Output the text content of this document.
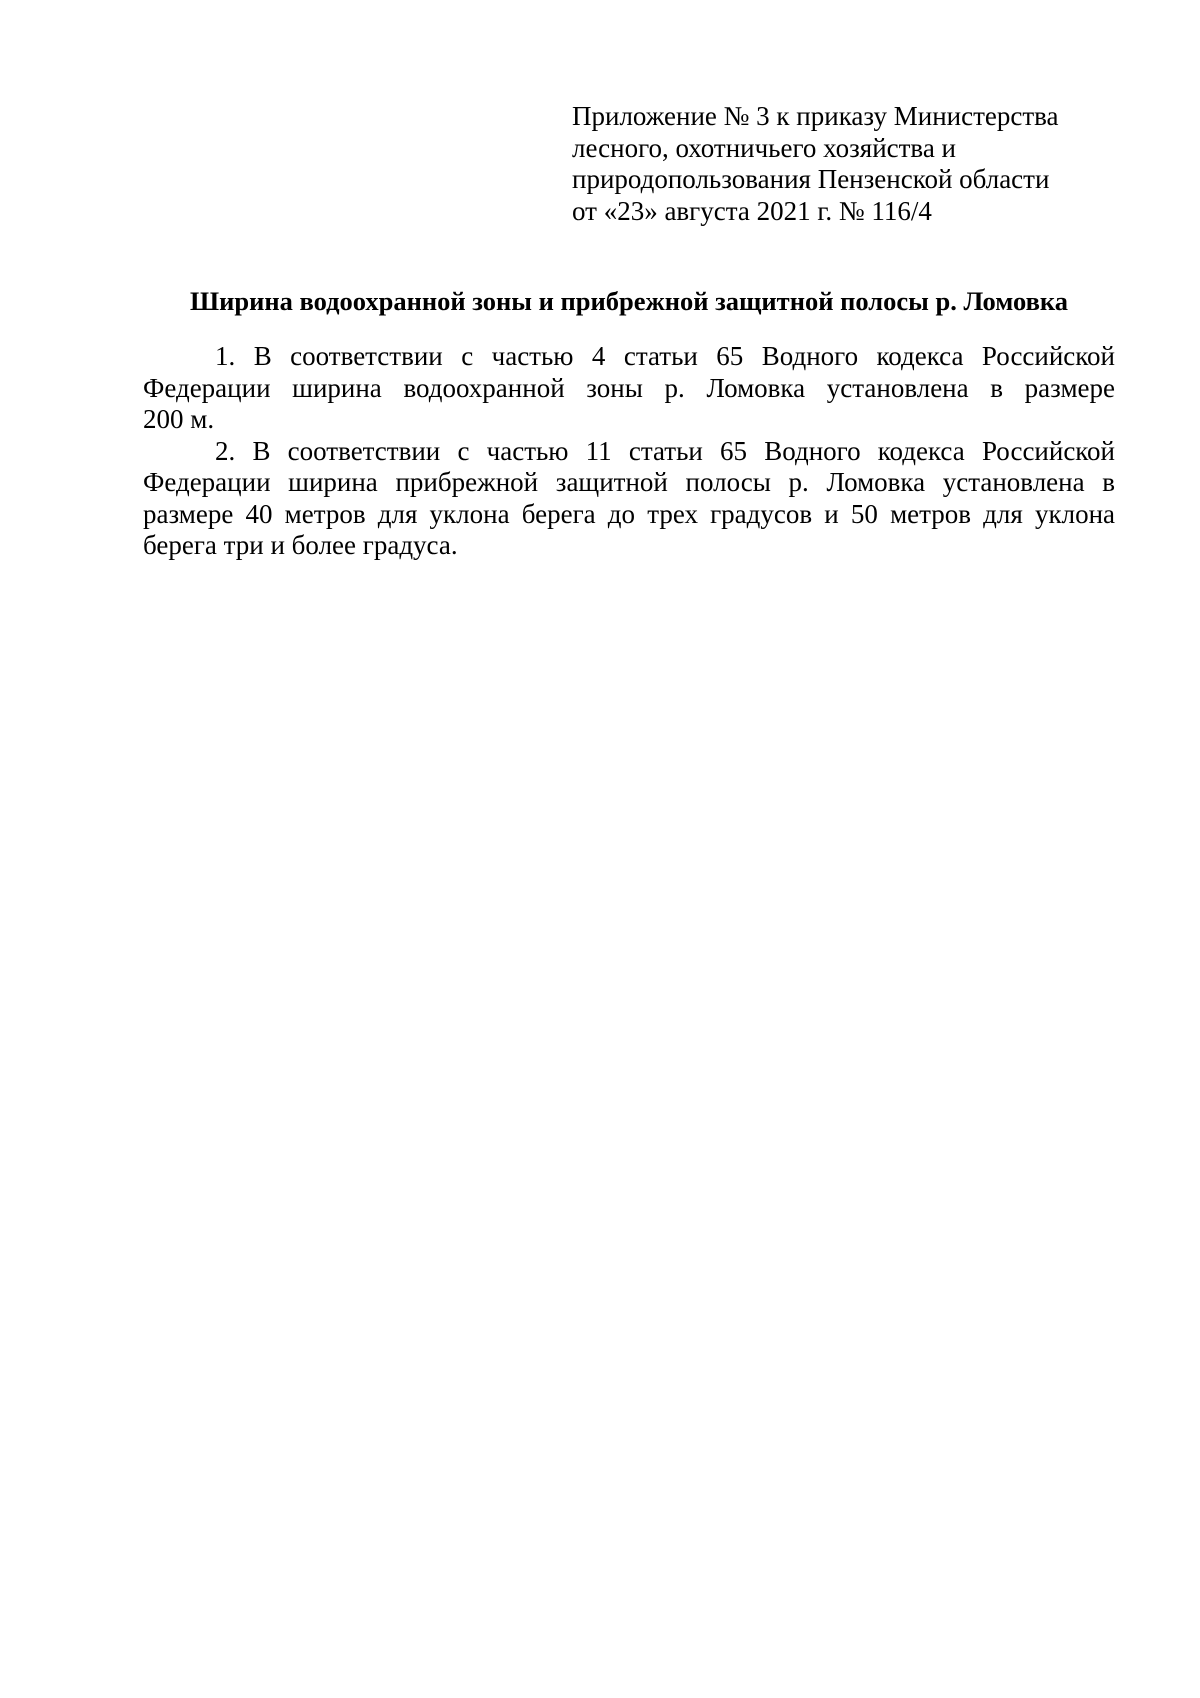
Приложение № 3 к приказу Министерства
лесного, охотничьего хозяйства и
природопользования Пензенской области
от «23» августа 2021 г. № 116/4
Ширина водоохранной зоны и прибрежной защитной полосы р. Ломовка
1. В соответствии с частью 4 статьи 65 Водного кодекса Российской
Федерации ширина водоохранной зоны р. Ломовка установлена в размере
200 м.
2. В соответствии с частью 11 статьи 65 Водного кодекса Российской
Федерации ширина прибрежной защитной полосы р. Ломовка установлена в
размере 40 метров для уклона берега до трех градусов и 50 метров для уклона
берега три и более градуса.
